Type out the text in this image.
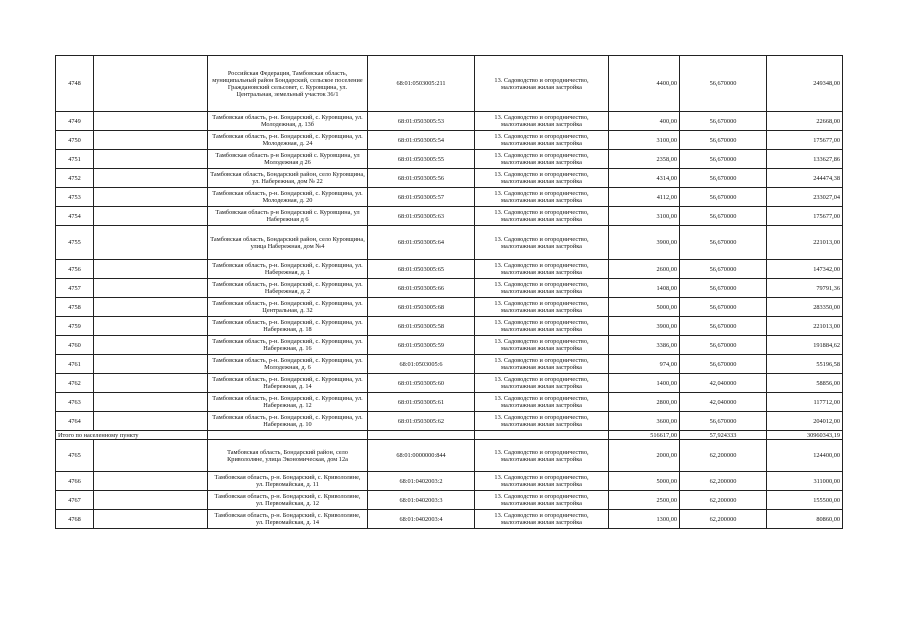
4748		Российская Федерация, Тамбовская область, муниципальный район Бондарский, сельское поселение Граждановский сельсовет, с. Куровщина, ул. Центральная, земельный участок 36/1	68:01:0503005:211	13. Садоводство и огородничество, малоэтажная жилая застройка	4400,00	56,670000	249348,00
4749		Тамбовская область, р-н. Бондарский, с. Куровщина, ул. Молодежная, д. 13б	68:01:0503005:53	13. Садоводство и огородничество, малоэтажная жилая застройка	400,00	56,670000	22668,00
4750		Тамбовская область, р-н. Бондарский, с. Куровщина, ул. Молодежная, д. 24	68:01:0503005:54	13. Садоводство и огородничество, малоэтажная жилая застройка	3100,00	56,670000	175677,00
4751		Тамбовская область р-н Бондарский с. Куровщина, ул Молодежная д 26	68:01:0503005:55	13. Садоводство и огородничество, малоэтажная жилая застройка	2358,00	56,670000	133627,86
4752		Тамбовская область, Бондарский район, село Куровщина, ул. Набережная, дом № 22	68:01:0503005:56	13. Садоводство и огородничество, малоэтажная жилая застройка	4314,00	56,670000	244474,38
4753		Тамбовская область, р-н. Бондарский, с. Куровщина, ул. Молодежная, д. 20	68:01:0503005:57	13. Садоводство и огородничество, малоэтажная жилая застройка	4112,00	56,670000	233027,04
4754		Тамбовская область р-н Бондарский с. Куровщина, ул Набережная д 6	68:01:0503005:63	13. Садоводство и огородничество, малоэтажная жилая застройка	3100,00	56,670000	175677,00
4755		Тамбовская область, Бондарский район, село Куровщина, улица Набережная, дом №4	68:01:0503005:64	13. Садоводство и огородничество, малоэтажная жилая застройка	3900,00	56,670000	221013,00
4756		Тамбовская область, р-н. Бондарский, с. Куровщина, ул. Набережная, д. 1	68:01:0503005:65	13. Садоводство и огородничество, малоэтажная жилая застройка	2600,00	56,670000	147342,00
4757		Тамбовская область, р-н. Бондарский, с. Куровщина, ул. Набережная, д. 2	68:01:0503005:66	13. Садоводство и огородничество, малоэтажная жилая застройка	1408,00	56,670000	79791,36
4758		Тамбовская область, р-н. Бондарский, с. Куровщина, ул. Центральная, д. 32	68:01:0503005:68	13. Садоводство и огородничество, малоэтажная жилая застройка	5000,00	56,670000	283350,00
4759		Тамбовская область, р-н. Бондарский, с. Куровщина, ул. Набережная, д. 18	68:01:0503005:58	13. Садоводство и огородничество, малоэтажная жилая застройка	3900,00	56,670000	221013,00
4760		Тамбовская область, р-н. Бондарский, с. Куровщина, ул. Набережная, д. 16	68:01:0503005:59	13. Садоводство и огородничество, малоэтажная жилая застройка	3386,00	56,670000	191884,62
4761		Тамбовская область, р-н. Бондарский, с. Куровщина, ул. Молодежная, д. 6	68:01:0503005:6	13. Садоводство и огородничество, малоэтажная жилая застройка	974,00	56,670000	55196,58
4762		Тамбовская область, р-н. Бондарский, с. Куровщина, ул. Набережная, д. 14	68:01:0503005:60	13. Садоводство и огородничество, малоэтажная жилая застройка	1400,00	42,040000	58856,00
4763		Тамбовская область, р-н. Бондарский, с. Куровщина, ул. Набережная, д. 12	68:01:0503005:61	13. Садоводство и огородничество, малоэтажная жилая застройка	2800,00	42,040000	117712,00
4764		Тамбовская область, р-н. Бондарский, с. Куровщина, ул. Набережная, д. 10	68:01:0503005:62	13. Садоводство и огородничество, малоэтажная жилая застройка	3600,00	56,670000	204012,00
Итого по населенному пункту					516617,00	57,924333	30960343,19
4765		Тамбовская область, Бондарский район, село Кривололяне, улица Экономическая, дом 12а	68:01:0000000:844	13. Садоводство и огородничество, малоэтажная жилая застройка	2000,00	62,200000	124400,00
4766		Тамбовская область, р-н. Бондарский, с. Кривололяне, ул. Первомайская, д. 11	68:01:0402003:2	13. Садоводство и огородничество, малоэтажная жилая застройка	5000,00	62,200000	311000,00
4767		Тамбовская область, р-н. Бондарский, с. Кривололяне, ул. Первомайская, д. 12	68:01:0402003:3	13. Садоводство и огородничество, малоэтажная жилая застройка	2500,00	62,200000	155500,00
4768		Тамбовская область, р-н. Бондарский, с. Кривололяне, ул. Первомайская, д. 14	68:01:0402003:4	13. Садоводство и огородничество, малоэтажная жилая застройка	1300,00	62,200000	80860,00
